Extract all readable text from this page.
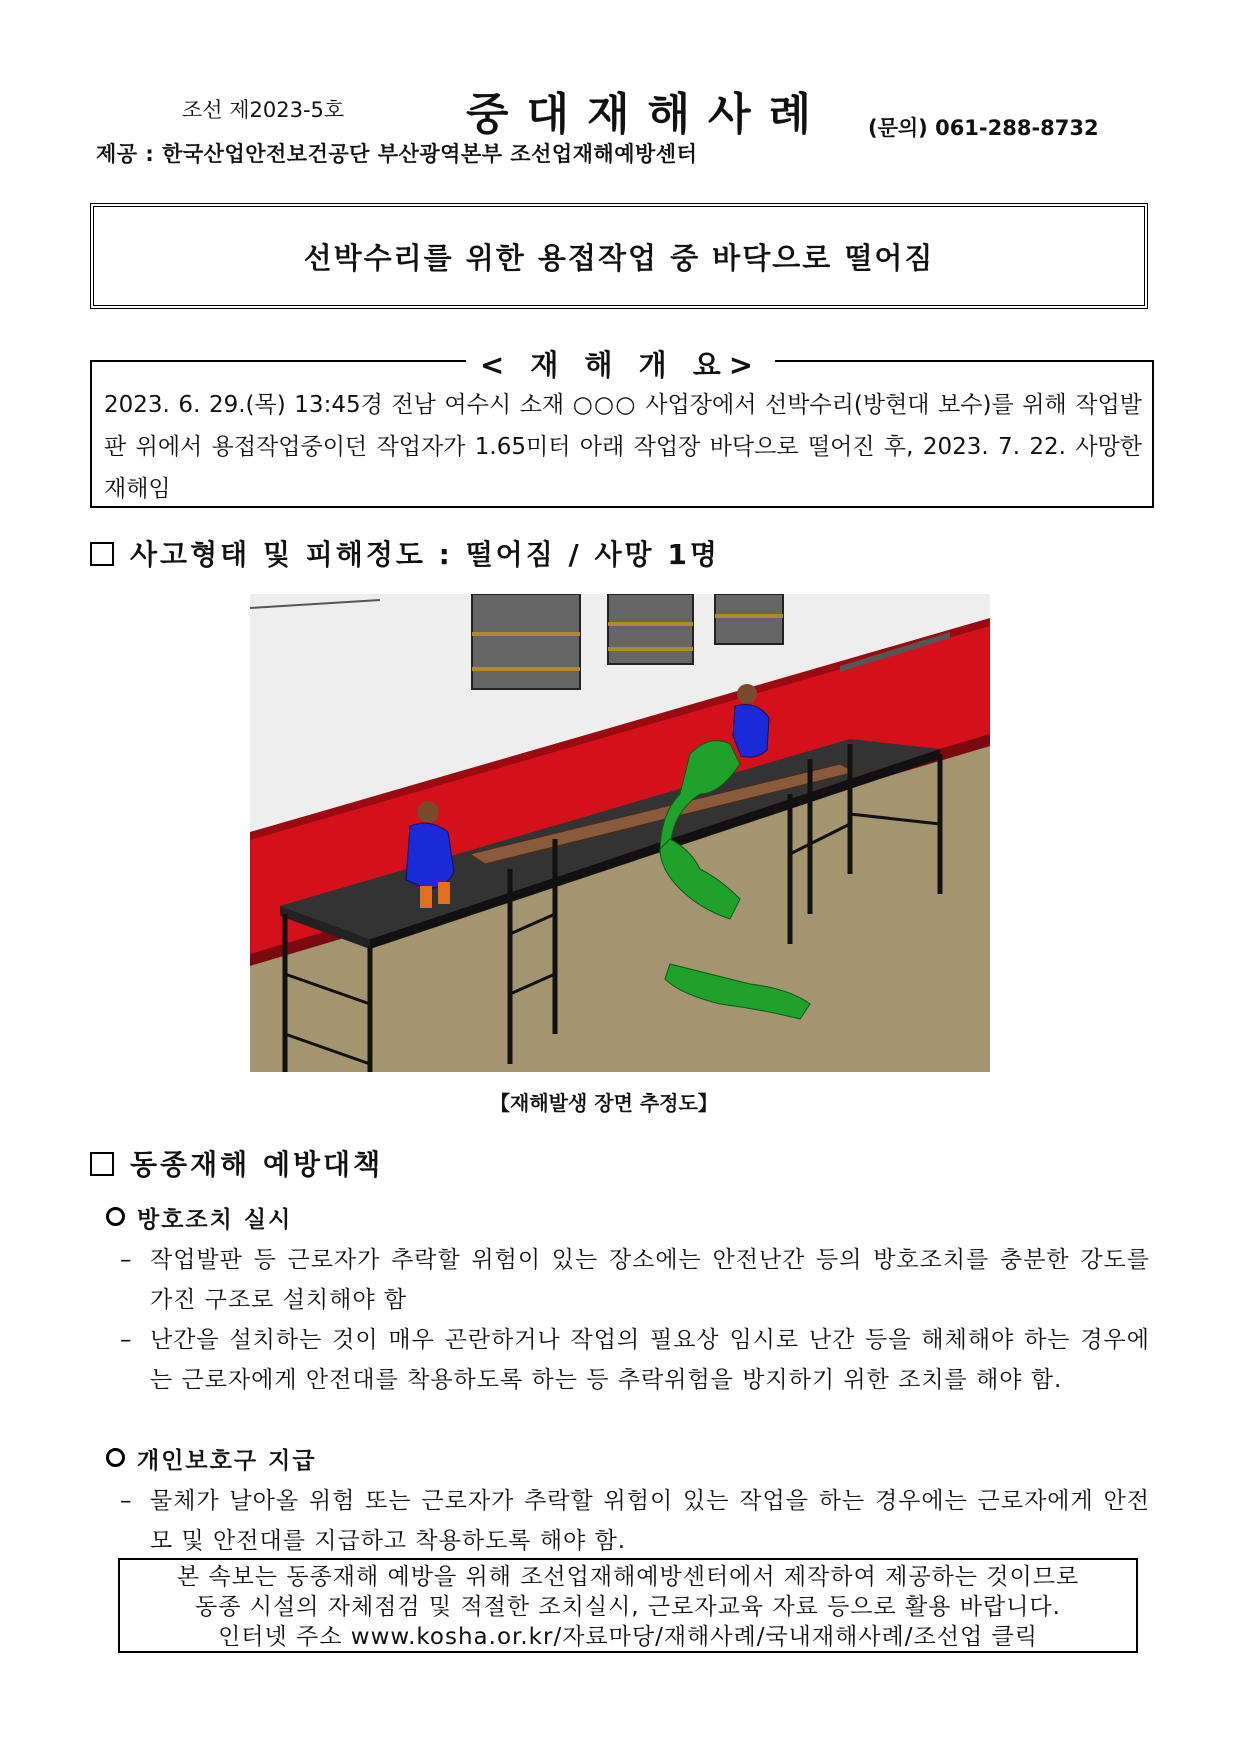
조선 제2023-5호	중대재해사례 (문의) 061-288-8732
제공 : 한국산업안전보건공단 부산광역본부 조선업재해예방센터
선박수리를 위한 용접작업 중 바닥으로 떨어짐
2023. 6. 29.(목) 13:45경 전남 여수시 소재 ○○○ 사업장에서 선박수리(방현대 보수)를 위해 작업발판 위에서 용접작업중이던 작업자가 1.65미터 아래 작업장 바닥으로 떨어진 후, 2023. 7. 22. 사망한 재해임
< 재 해 개 요>
사고형태 및 피해정도 : 떨어짐 / 사망 1명
【재해발생 장면 추정도】
동종재해 예방대책
방호조치 실시
– 작업발판 등 근로자가 추락할 위험이 있는 장소에는 안전난간 등의 방호조치를 충분한 강도를 가진 구조로 설치해야 함
– 난간을 설치하는 것이 매우 곤란하거나 작업의 필요상 임시로 난간 등을 해체해야 하는 경우에는 근로자에게 안전대를 착용하도록 하는 등 추락위험을 방지하기 위한 조치를 해야 함.
개인보호구 지급
– 물체가 날아올 위험 또는 근로자가 추락할 위험이 있는 작업을 하는 경우에는 근로자에게 안전모 및 안전대를 지급하고 착용하도록 해야 함.
본 속보는 동종재해 예방을 위해 조선업재해예방센터에서 제작하여 제공하는 것이므로
동종 시설의 자체점검 및 적절한 조치실시, 근로자교육 자료 등으로 활용 바랍니다.
인터넷 주소 www.kosha.or.kr/자료마당/재해사례/국내재해사례/조선업 클릭
